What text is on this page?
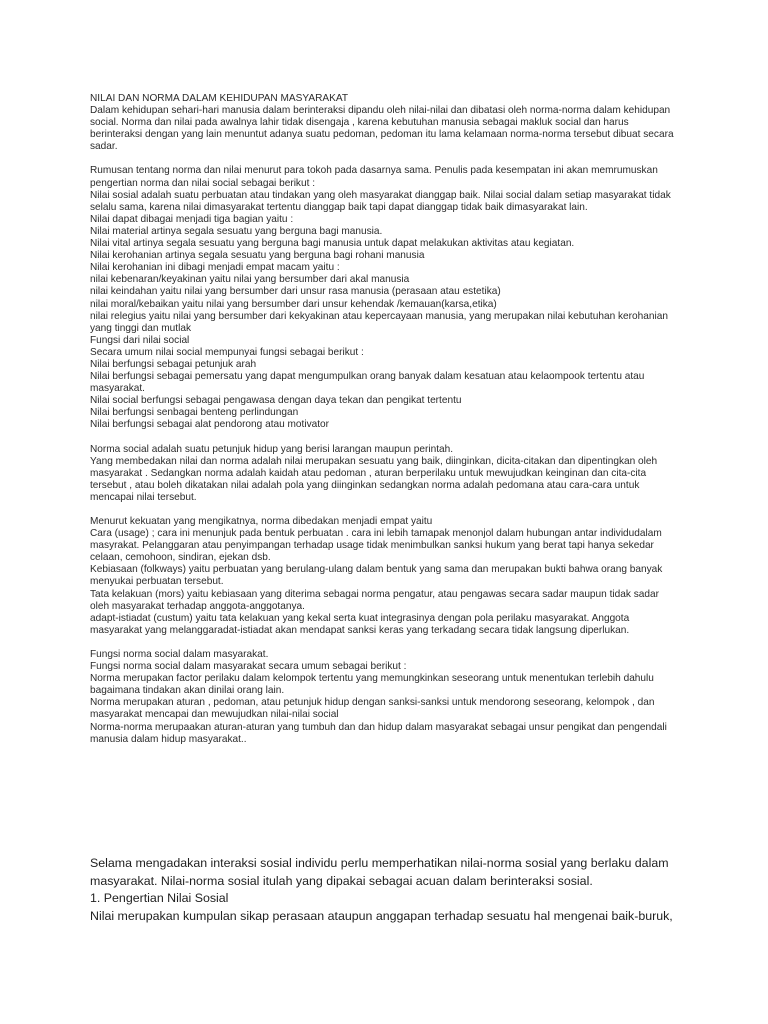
NILAI DAN NORMA DALAM KEHIDUPAN MASYARAKAT
Dalam kehidupan sehari-hari manusia dalam berinteraksi dipandu oleh nilai-nilai dan dibatasi oleh norma-norma dalam kehidupan social. Norma dan nilai pada awalnya lahir tidak disengaja , karena kebutuhan manusia sebagai makluk social dan harus berinteraksi dengan yang lain menuntut adanya suatu pedoman, pedoman itu lama kelamaan norma-norma tersebut dibuat secara sadar.
Rumusan tentang norma dan nilai menurut para tokoh pada dasarnya sama. Penulis pada kesempatan ini akan memrumuskan pengertian norma dan nilai social sebagai berikut :
Nilai sosial adalah suatu perbuatan atau tindakan yang oleh masyarakat dianggap baik. Nilai social dalam setiap masyarakat tidak selalu sama, karena nilai dimasyarakat tertentu dianggap baik tapi dapat dianggap tidak baik dimasyarakat lain.
Nilai dapat dibagai menjadi tiga bagian yaitu :
Nilai material artinya segala sesuatu yang berguna bagi manusia.
Nilai vital artinya segala sesuatu yang berguna bagi manusia untuk dapat melakukan aktivitas atau kegiatan.
Nilai kerohanian artinya segala sesuatu yang berguna bagi rohani manusia
Nilai kerohanian ini dibagi menjadi empat macam yaitu :
nilai kebenaran/keyakinan yaitu nilai yang bersumber dari akal manusia
nilai keindahan yaitu nilai yang bersumber dari unsur rasa manusia (perasaan atau estetika)
nilai moral/kebaikan yaitu nilai yang bersumber dari unsur kehendak /kemauan(karsa,etika)
nilai relegius yaitu nilai yang bersumber dari kekyakinan atau kepercayaan manusia, yang merupakan nilai kebutuhan kerohanian yang tinggi dan mutlak
Fungsi dari nilai social
Secara umum nilai social mempunyai fungsi sebagai berikut :
Nilai berfungsi sebagai petunjuk arah
Nilai berfungsi sebagai pemersatu yang dapat mengumpulkan orang banyak dalam kesatuan atau kelaompook tertentu atau masyarakat.
Nilai social berfungsi sebagai pengawasa dengan daya tekan dan pengikat tertentu
Nilai berfungsi senbagai benteng perlindungan
Nilai berfungsi sebagai alat pendorong atau motivator
Norma social adalah suatu petunjuk hidup yang berisi larangan maupun perintah.
Yang membedakan nilai dan norma adalah nilai merupakan sesuatu yang baik, diinginkan, dicita-citakan dan dipentingkan oleh masyarakat . Sedangkan norma adalah kaidah atau pedoman , aturan berperilaku untuk mewujudkan keinginan dan cita-cita tersebut , atau boleh dikatakan nilai adalah pola yang diinginkan sedangkan norma adalah pedomana atau cara-cara untuk mencapai nilai tersebut.
Menurut kekuatan yang mengikatnya, norma dibedakan menjadi empat yaitu
Cara (usage) ; cara ini menunjuk pada bentuk perbuatan . cara ini lebih tamapak menonjol dalam hubungan antar individudalam masyrakat. Pelanggaran atau penyimpangan terhadap usage tidak menimbulkan sanksi hukum yang berat tapi hanya sekedar celaan, cemohoon, sindiran, ejekan dsb.
Kebiasaan (folkways) yaitu perbuatan yang berulang-ulang dalam bentuk yang sama dan merupakan bukti bahwa orang banyak menyukai perbuatan tersebut.
Tata kelakuan (mors) yaitu kebiasaan yang diterima sebagai norma pengatur, atau pengawas secara sadar maupun tidak sadar oleh masyarakat terhadap anggota-anggotanya.
adapt-istiadat (custum) yaitu tata kelakuan yang kekal serta kuat integrasinya dengan pola perilaku masyarakat. Anggota masyarakat yang melanggaradat-istiadat akan mendapat sanksi keras yang terkadang secara tidak langsung diperlukan.
Fungsi norma social dalam masyarakat.
Fungsi norma social dalam masyarakat secara umum sebagai berikut :
Norma merupakan factor perilaku dalam kelompok tertentu yang memungkinkan seseorang untuk menentukan terlebih dahulu bagaimana tindakan akan dinilai orang lain.
Norma merupakan aturan , pedoman, atau petunjuk hidup dengan sanksi-sanksi untuk mendorong seseorang, kelompok , dan masyarakat mencapai dan mewujudkan nilai-nilai social
Norma-norma merupaakan aturan-aturan yang tumbuh dan dan hidup dalam masyarakat sebagai unsur pengikat dan pengendali manusia dalam hidup masyarakat..
Selama mengadakan interaksi sosial individu perlu memperhatikan nilai-norma sosial yang berlaku dalam masyarakat. Nilai-norma sosial itulah yang dipakai sebagai acuan dalam berinteraksi sosial.
1. Pengertian Nilai Sosial
Nilai merupakan kumpulan sikap perasaan ataupun anggapan terhadap sesuatu hal mengenai baik-buruk,
